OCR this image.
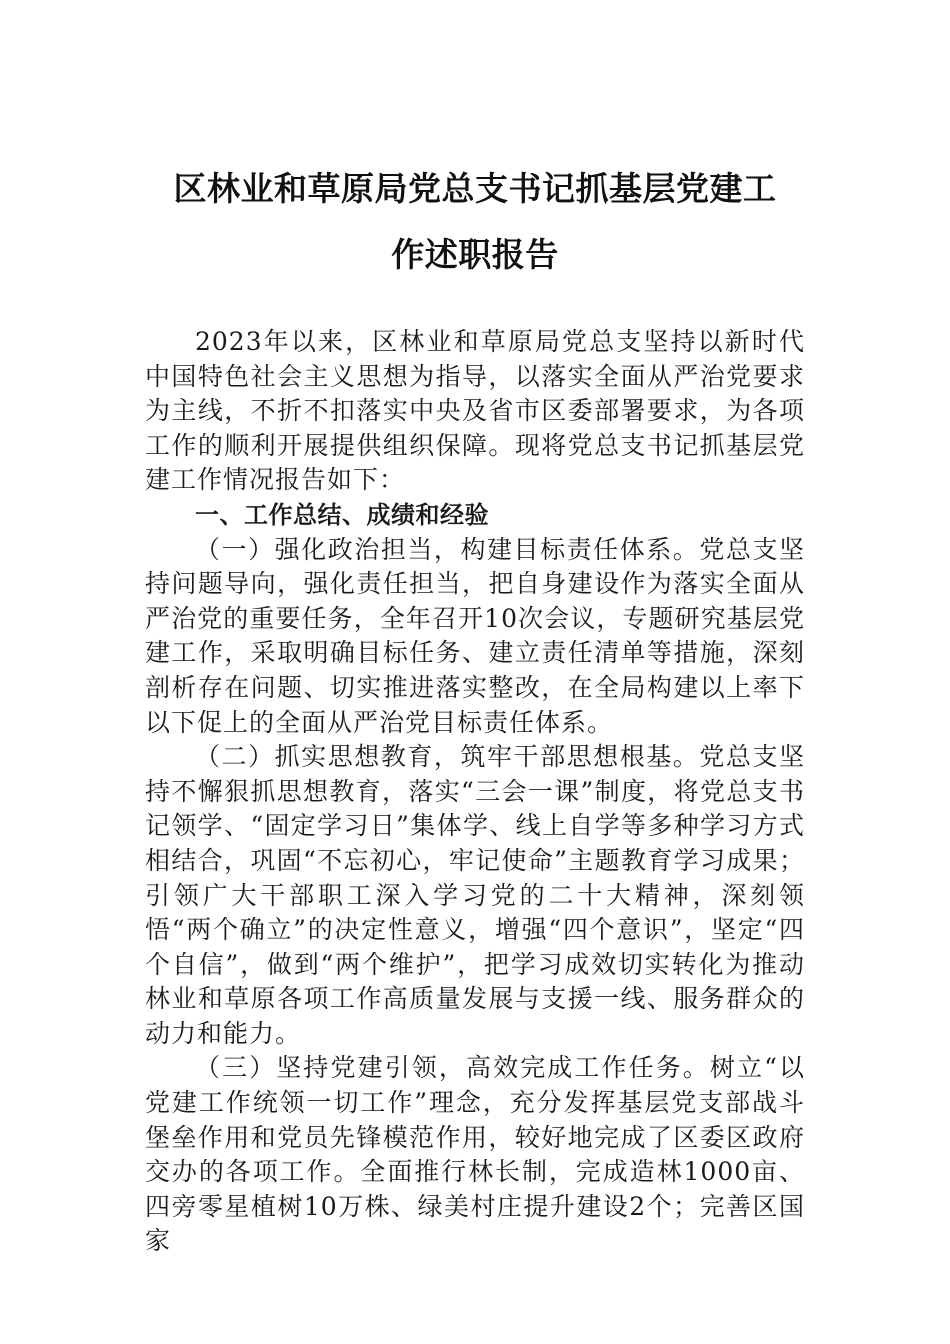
区林业和草原局党总支书记抓基层党建工
作述职报告

2023年以来，区林业和草原局党总支坚持以新时代中国特色社会主义思想为指导，以落实全面从严治党要求为主线，不折不扣落实中央及省市区委部署要求，为各项工作的顺利开展提供组织保障。现将党总支书记抓基层党建工作情况报告如下：

一、工作总结、成绩和经验

（一）强化政治担当，构建目标责任体系。党总支坚持问题导向，强化责任担当，把自身建设作为落实全面从严治党的重要任务，全年召开10次会议，专题研究基层党建工作，采取明确目标任务、建立责任清单等措施，深刻剖析存在问题、切实推进落实整改，在全局构建以上率下以下促上的全面从严治党目标责任体系。

（二）抓实思想教育，筑牢干部思想根基。党总支坚持不懈狠抓思想教育，落实“三会一课”制度，将党总支书记领学、“固定学习日”集体学、线上自学等多种学习方式相结合，巩固“不忘初心，牢记使命”主题教育学习成果；引领广大干部职工深入学习党的二十大精神，深刻领悟“两个确立”的决定性意义，增强“四个意识”，坚定“四个自信”，做到“两个维护”，把学习成效切实转化为推动林业和草原各项工作高质量发展与支援一线、服务群众的动力和能力。

（三）坚持党建引领，高效完成工作任务。树立“以党建工作统领一切工作”理念，充分发挥基层党支部战斗堡垒作用和党员先锋模范作用，较好地完成了区委区政府交办的各项工作。全面推行林长制，完成造林1000亩、四旁零星植树10万株、绿美村庄提升建设2个；完善区国家
